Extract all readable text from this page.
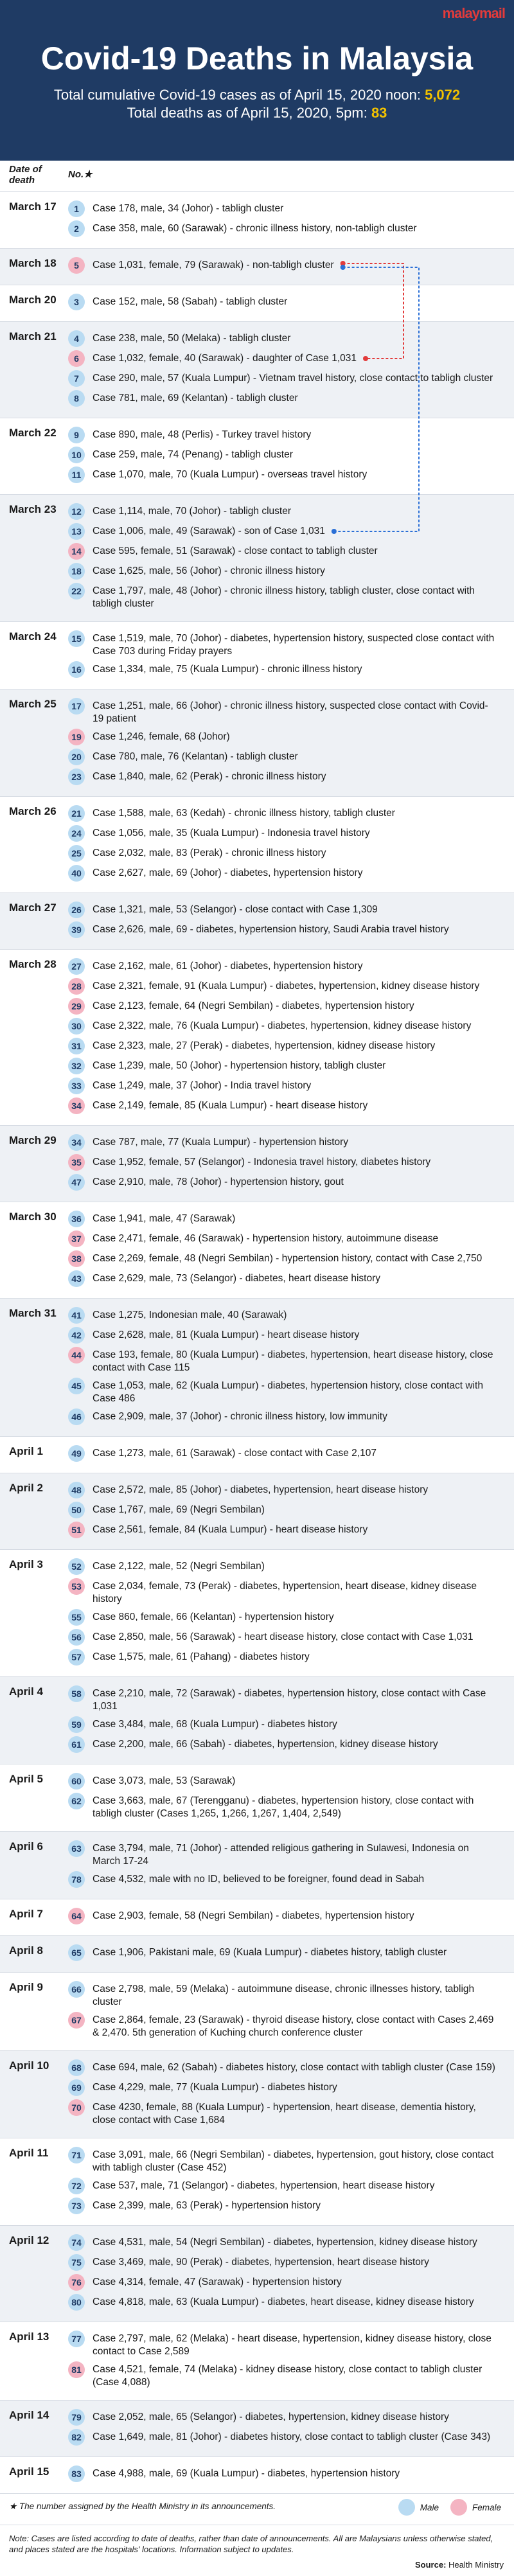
malaymail
Covid-19 Deaths in Malaysia
Total cumulative Covid-19 cases as of April 15, 2020 noon: 5,072
Total deaths as of April 15, 2020, 5pm: 83
Date of death	No.★
March 17	1	Case 178, male, 34 (Johor) - tabligh cluster
2	Case 358, male, 60 (Sarawak) - chronic illness history, non-tabligh cluster
March 18	5	Case 1,031, female, 79 (Sarawak) - non-tabligh cluster
March 20	3	Case 152, male, 58 (Sabah) - tabligh cluster
March 21	4	Case 238, male, 50 (Melaka) - tabligh cluster
6	Case 1,032, female, 40 (Sarawak) - daughter of Case 1,031
7	Case 290, male, 57 (Kuala Lumpur) - Vietnam travel history, close contact to tabligh cluster
8	Case 781, male, 69 (Kelantan) - tabligh cluster
March 22	9	Case 890, male, 48 (Perlis) - Turkey travel history
10	Case 259, male, 74 (Penang) - tabligh cluster
11	Case 1,070, male, 70 (Kuala Lumpur) - overseas travel history
March 23	12	Case 1,114, male, 70 (Johor) - tabligh cluster
13	Case 1,006, male, 49 (Sarawak) - son of Case 1,031
14	Case 595, female, 51 (Sarawak) - close contact to tabligh cluster
18	Case 1,625, male, 56 (Johor) - chronic illness history
22	Case 1,797, male, 48 (Johor) - chronic illness history, tabligh cluster, close contact with tabligh cluster
March 24	15	Case 1,519, male, 70 (Johor) - diabetes, hypertension history, suspected close contact with Case 703 during Friday prayers
16	Case 1,334, male, 75 (Kuala Lumpur) - chronic illness history
March 25	17	Case 1,251, male, 66 (Johor) - chronic illness history, suspected close contact with Covid-19 patient
19	Case 1,246, female, 68 (Johor)
20	Case 780, male, 76 (Kelantan) - tabligh cluster
23	Case 1,840, male, 62 (Perak) - chronic illness history
March 26	21	Case 1,588, male, 63 (Kedah) - chronic illness history, tabligh cluster
24	Case 1,056, male, 35 (Kuala Lumpur) - Indonesia travel history
25	Case 2,032, male, 83 (Perak) - chronic illness history
40	Case 2,627, male, 69 (Johor) - diabetes, hypertension history
March 27	26	Case 1,321, male, 53 (Selangor) - close contact with Case 1,309
39	Case 2,626, male, 69 - diabetes, hypertension history, Saudi Arabia travel history
March 28	27	Case 2,162, male, 61 (Johor) - diabetes, hypertension history
28	Case 2,321, female, 91 (Kuala Lumpur) - diabetes, hypertension, kidney disease history
29	Case 2,123, female, 64 (Negri Sembilan) - diabetes, hypertension history
30	Case 2,322, male, 76 (Kuala Lumpur) - diabetes, hypertension, kidney disease history
31	Case 2,323, male, 27 (Perak) - diabetes, hypertension, kidney disease history
32	Case 1,239, male, 50 (Johor) - hypertension history, tabligh cluster
33	Case 1,249, male, 37 (Johor) - India travel history
34	Case 2,149, female, 85 (Kuala Lumpur) - heart disease history
March 29	34	Case 787, male, 77 (Kuala Lumpur) - hypertension history
35	Case 1,952, female, 57 (Selangor) - Indonesia travel history, diabetes history
47	Case 2,910, male, 78 (Johor) - hypertension history, gout
March 30	36	Case 1,941, male, 47 (Sarawak)
37	Case 2,471, female, 46 (Sarawak) - hypertension history, autoimmune disease
38	Case 2,269, female, 48 (Negri Sembilan) - hypertension history, contact with Case 2,750
43	Case 2,629, male, 73 (Selangor) - diabetes, heart disease history
March 31	41	Case 1,275, Indonesian male, 40 (Sarawak)
42	Case 2,628, male, 81 (Kuala Lumpur) - heart disease history
44	Case 193, female, 80 (Kuala Lumpur) - diabetes, hypertension, heart disease history, close contact with Case 115
45	Case 1,053, male, 62 (Kuala Lumpur) - diabetes, hypertension history, close contact with Case 486
46	Case 2,909, male, 37 (Johor) - chronic illness history, low immunity
April 1	49	Case 1,273, male, 61 (Sarawak) - close contact with Case 2,107
April 2	48	Case 2,572, male, 85 (Johor) - diabetes, hypertension, heart disease history
50	Case 1,767, male, 69 (Negri Sembilan)
51	Case 2,561, female, 84 (Kuala Lumpur) - heart disease history
April 3	52	Case 2,122, male, 52 (Negri Sembilan)
53	Case 2,034, female, 73 (Perak) - diabetes, hypertension, heart disease, kidney disease history
55	Case 860, female, 66 (Kelantan) - hypertension history
56	Case 2,850, male, 56 (Sarawak) - heart disease history, close contact with Case 1,031
57	Case 1,575, male, 61 (Pahang) - diabetes history
April 4	58	Case 2,210, male, 72 (Sarawak) - diabetes, hypertension history, close contact with Case 1,031
59	Case 3,484, male, 68 (Kuala Lumpur) - diabetes history
61	Case 2,200, male, 66 (Sabah) - diabetes, hypertension, kidney disease history
April 5	60	Case 3,073, male, 53 (Sarawak)
62	Case 3,663, male, 67 (Terengganu) - diabetes, hypertension history, close contact with tabligh cluster (Cases 1,265, 1,266, 1,267, 1,404, 2,549)
April 6	63	Case 3,794, male, 71 (Johor) - attended religious gathering in Sulawesi, Indonesia on March 17-24
78	Case 4,532, male with no ID, believed to be foreigner, found dead in Sabah
April 7	64	Case 2,903, female, 58 (Negri Sembilan) - diabetes, hypertension history
April 8	65	Case 1,906, Pakistani male, 69 (Kuala Lumpur) - diabetes history, tabligh cluster
April 9	66	Case 2,798, male, 59 (Melaka) - autoimmune disease, chronic illnesses history, tabligh cluster
67	Case 2,864, female, 23 (Sarawak) - thyroid disease history, close contact with Cases 2,469 & 2,470. 5th generation of Kuching church conference cluster
April 10	68	Case 694, male, 62 (Sabah) - diabetes history, close contact with tabligh cluster (Case 159)
69	Case 4,229, male, 77 (Kuala Lumpur) - diabetes history
70	Case 4230, female, 88 (Kuala Lumpur) - hypertension, heart disease, dementia history, close contact with Case 1,684
April 11	71	Case 3,091, male, 66 (Negri Sembilan) - diabetes, hypertension, gout history, close contact with tabligh cluster (Case 452)
72	Case 537, male, 71 (Selangor) - diabetes, hypertension, heart disease history
73	Case 2,399, male, 63 (Perak) - hypertension history
April 12	74	Case 4,531, male, 54 (Negri Sembilan) - diabetes, hypertension, kidney disease history
75	Case 3,469, male, 90 (Perak) - diabetes, hypertension, heart disease history
76	Case 4,314, female, 47 (Sarawak) - hypertension history
80	Case 4,818, male, 63 (Kuala Lumpur) - diabetes, heart disease, kidney disease history
April 13	77	Case 2,797, male, 62 (Melaka) - heart disease, hypertension, kidney disease history, close contact to Case 2,589
81	Case 4,521, female, 74 (Melaka) - kidney disease history, close contact to tabligh cluster (Case 4,088)
April 14	79	Case 2,052, male, 65 (Selangor) - diabetes, hypertension, kidney disease history
82	Case 1,649, male, 81 (Johor) - diabetes history, close contact to tabligh cluster (Case 343)
April 15	83	Case 4,988, male, 69 (Kuala Lumpur) - diabetes, hypertension history
★ The number assigned by the Health Ministry in its announcements.	Male	Female
Note: Cases are listed according to date of deaths, rather than date of announcements. All are Malaysians unless otherwise stated, and places stated are the hospitals' locations. Information subject to updates.
Source: Health Ministry
